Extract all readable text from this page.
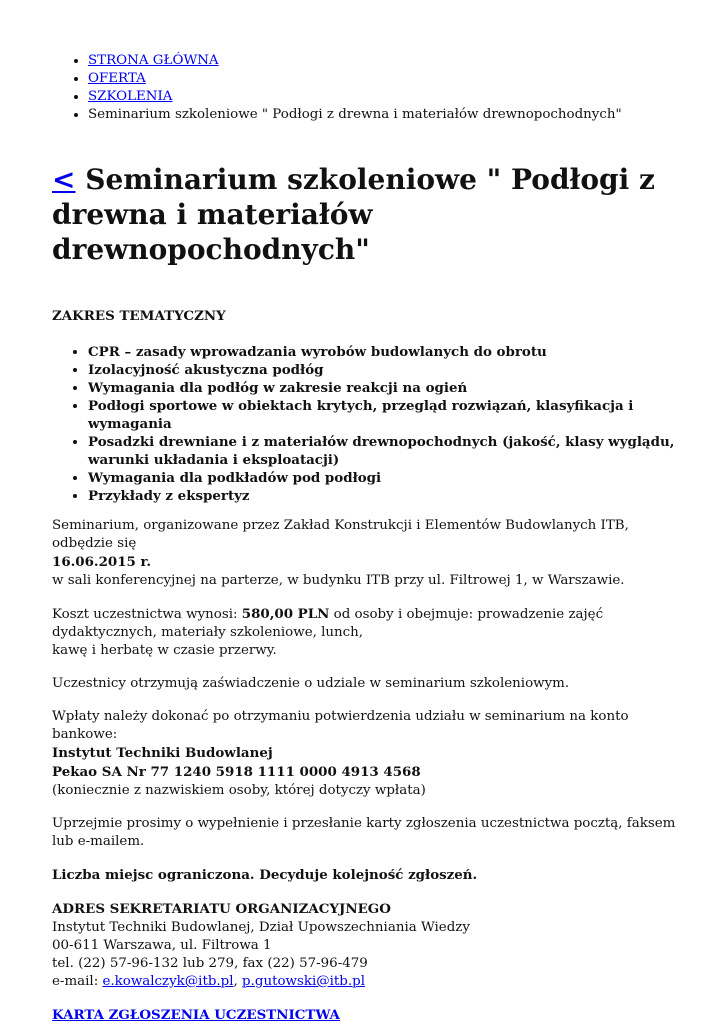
• STRONA GŁÓWNA
• OFERTA
• SZKOLENIA
• Seminarium szkoleniowe " Podłogi z drewna i materiałów drewnopochodnych"
< Seminarium szkoleniowe " Podłogi z drewna i materiałów drewnopochodnych"

ZAKRES TEMATYCZNY

• CPR – zasady wprowadzania wyrobów budowlanych do obrotu
• Izolacyjność akustyczna podłóg
• Wymagania dla podłóg w zakresie reakcji na ogień
• Podłogi sportowe w obiektach krytych, przegląd rozwiązań, klasyfikacja i wymagania
• Posadzki drewniane i z materiałów drewnopochodnych (jakość, klasy wyglądu, warunki układania i eksploatacji)
• Wymagania dla podkładów pod podłogi
• Przykłady z ekspertyz

Seminarium, organizowane przez Zakład Konstrukcji i Elementów Budowlanych ITB, odbędzie się
16.06.2015 r.
w sali konferencyjnej na parterze, w budynku ITB przy ul. Filtrowej 1, w Warszawie.

Koszt uczestnictwa wynosi: 580,00 PLN od osoby i obejmuje: prowadzenie zajęć dydaktycznych, materiały szkoleniowe, lunch,
kawę i herbatę w czasie przerwy.

Uczestnicy otrzymują zaświadczenie o udziale w seminarium szkoleniowym.

Wpłaty należy dokonać po otrzymaniu potwierdzenia udziału w seminarium na konto bankowe:
Instytut Techniki Budowlanej
Pekao SA Nr 77 1240 5918 1111 0000 4913 4568
(koniecznie z nazwiskiem osoby, której dotyczy wpłata)

Uprzejmie prosimy o wypełnienie i przesłanie karty zgłoszenia uczestnictwa pocztą, faksem lub e-mailem.

Liczba miejsc ograniczona. Decyduje kolejność zgłoszeń.

ADRES SEKRETARIATU ORGANIZACYJNEGO
Instytut Techniki Budowlanej, Dział Upowszechniania Wiedzy
00-611 Warszawa, ul. Filtrowa 1
tel. (22) 57-96-132 lub 279, fax (22) 57-96-479
e-mail: e.kowalczyk@itb.pl, p.gutowski@itb.pl

KARTA ZGŁOSZENIA UCZESTNICTWA
